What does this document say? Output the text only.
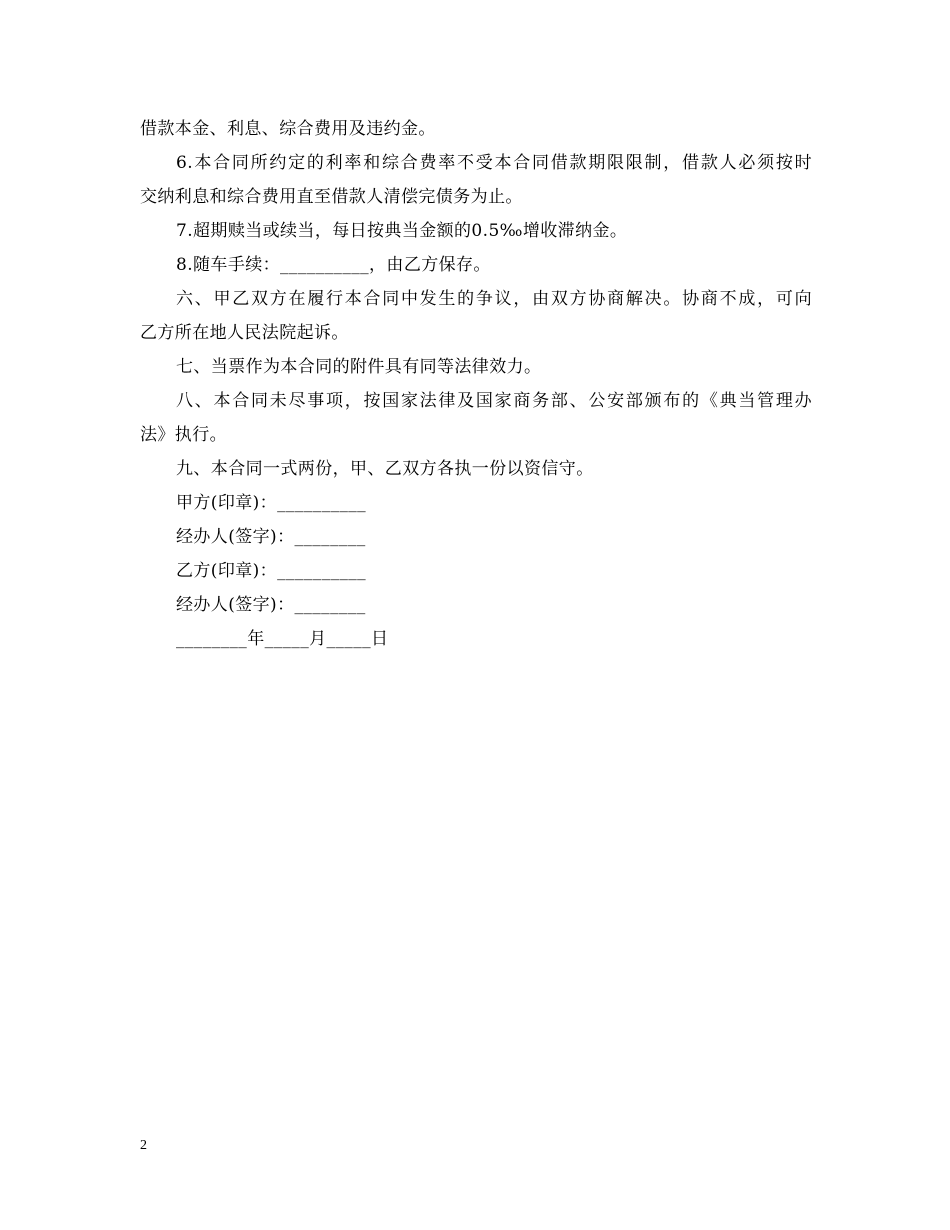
借款本金、利息、综合费用及违约金。
6.本合同所约定的利率和综合费率不受本合同借款期限限制，借款人必须按时
交纳利息和综合费用直至借款人清偿完债务为止。
7.超期赎当或续当，每日按典当金额的0.5‰增收滞纳金。
8.随车手续：__________，由乙方保存。
六、甲乙双方在履行本合同中发生的争议，由双方协商解决。协商不成，可向
乙方所在地人民法院起诉。
七、当票作为本合同的附件具有同等法律效力。
八、本合同未尽事项，按国家法律及国家商务部、公安部颁布的《典当管理办
法》执行。
九、本合同一式两份，甲、乙双方各执一份以资信守。
甲方(印章)：__________
经办人(签字)：________
乙方(印章)：__________
经办人(签字)：________
________年_____月_____日
2
